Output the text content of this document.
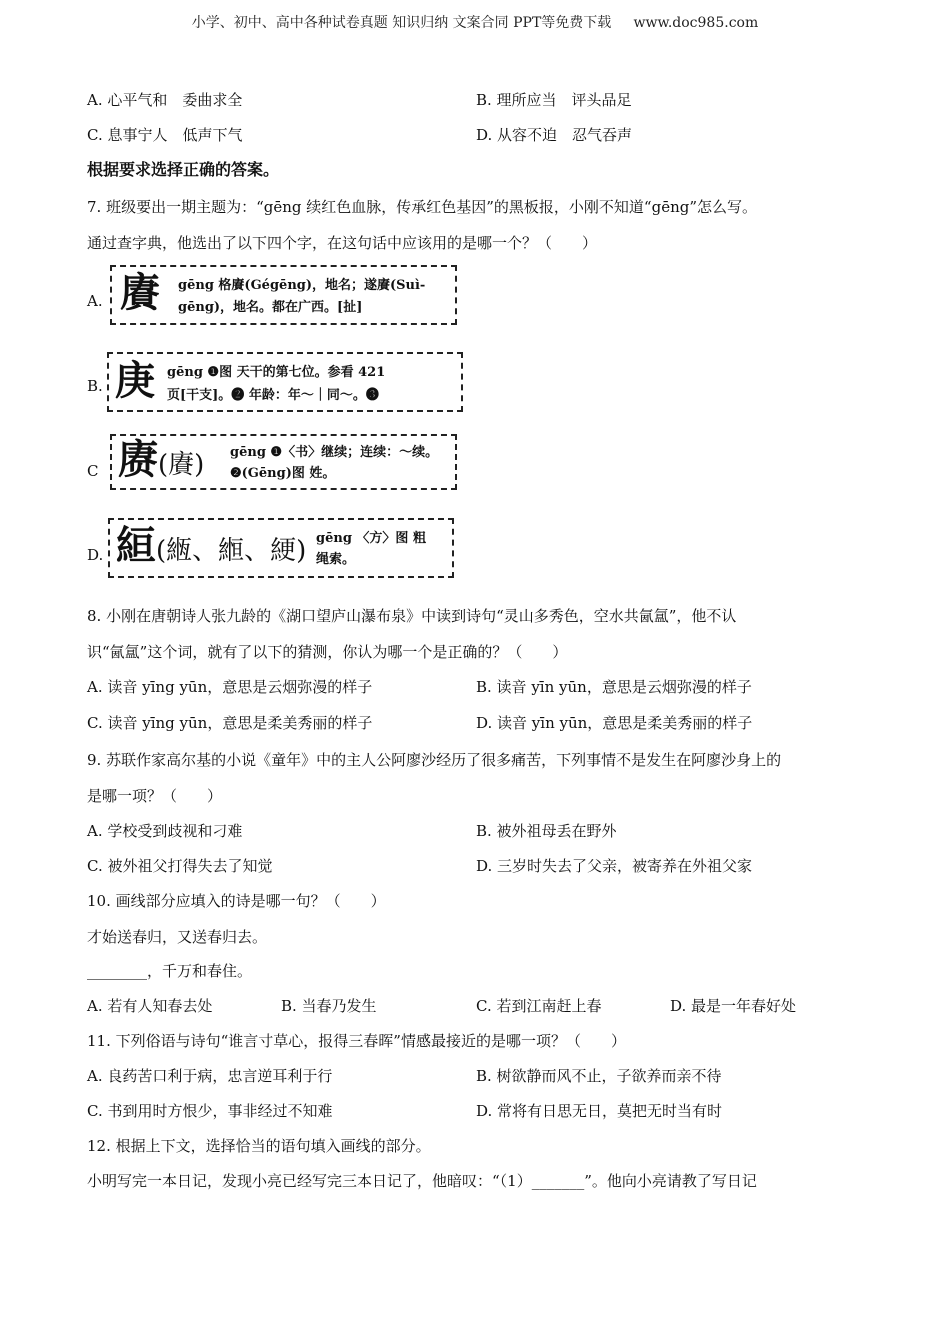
小学、初中、高中各种试卷真题 知识归纳 文案合同 PPT等免费下载 www.doc985.com
A. 心平气和　委曲求全	B. 理所应当　评头品足
C. 息事宁人　低声下气	D. 从容不迫　忍气吞声
根据要求选择正确的答案。
7. 班级要出一期主题为：“gēng 续红色血脉，传承红色基因”的黑板报，小刚不知道“gēng”怎么写。
通过查字典，他选出了以下四个字，在这句话中应该用的是哪一个？（　　）
A. 賡 gēng 格賡(Gégēng)，地名；遂賡(Suì-
gēng)，地名。都在广西。[扯]
B. 庚 gēng ❶图 天干的第七位。参看 421
页[干支]。❷ 年龄：年～｜同～。❸
C 赓(賡) gēng ❶〈书〉继续；连续：～续。
❷(Gēng)图 姓。
D. 絙(緪、縆、綆) gēng 〈方〉图 粗
绳索。
8. 小刚在唐朝诗人张九龄的《湖口望庐山瀑布泉》中读到诗句“灵山多秀色，空水共氤氲”，他不认
识“氤氲”这个词，就有了以下的猜测，你认为哪一个是正确的？（　　）
A. 读音 yīng yūn，意思是云烟弥漫的样子	B. 读音 yīn yūn，意思是云烟弥漫的样子
C. 读音 yīng yūn，意思是柔美秀丽的样子	D. 读音 yīn yūn，意思是柔美秀丽的样子
9. 苏联作家高尔基的小说《童年》中的主人公阿廖沙经历了很多痛苦，下列事情不是发生在阿廖沙身上的
是哪一项？（　　）
A. 学校受到歧视和刁难	B. 被外祖母丢在野外
C. 被外祖父打得失去了知觉	D. 三岁时失去了父亲，被寄养在外祖父家
10. 画线部分应填入的诗是哪一句？（　　）
才始送春归，又送春归去。
________，千万和春住。
A. 若有人知春去处	B. 当春乃发生	C. 若到江南赶上春	D. 最是一年春好处
11. 下列俗语与诗句“谁言寸草心，报得三春晖”情感最接近的是哪一项？（　　）
A. 良药苦口利于病，忠言逆耳利于行	B. 树欲静而风不止，子欲养而亲不待
C. 书到用时方恨少，事非经过不知难	D. 常将有日思无日，莫把无时当有时
12. 根据上下文，选择恰当的语句填入画线的部分。
小明写完一本日记，发现小亮已经写完三本日记了，他暗叹：“（1）_______”。他向小亮请教了写日记
